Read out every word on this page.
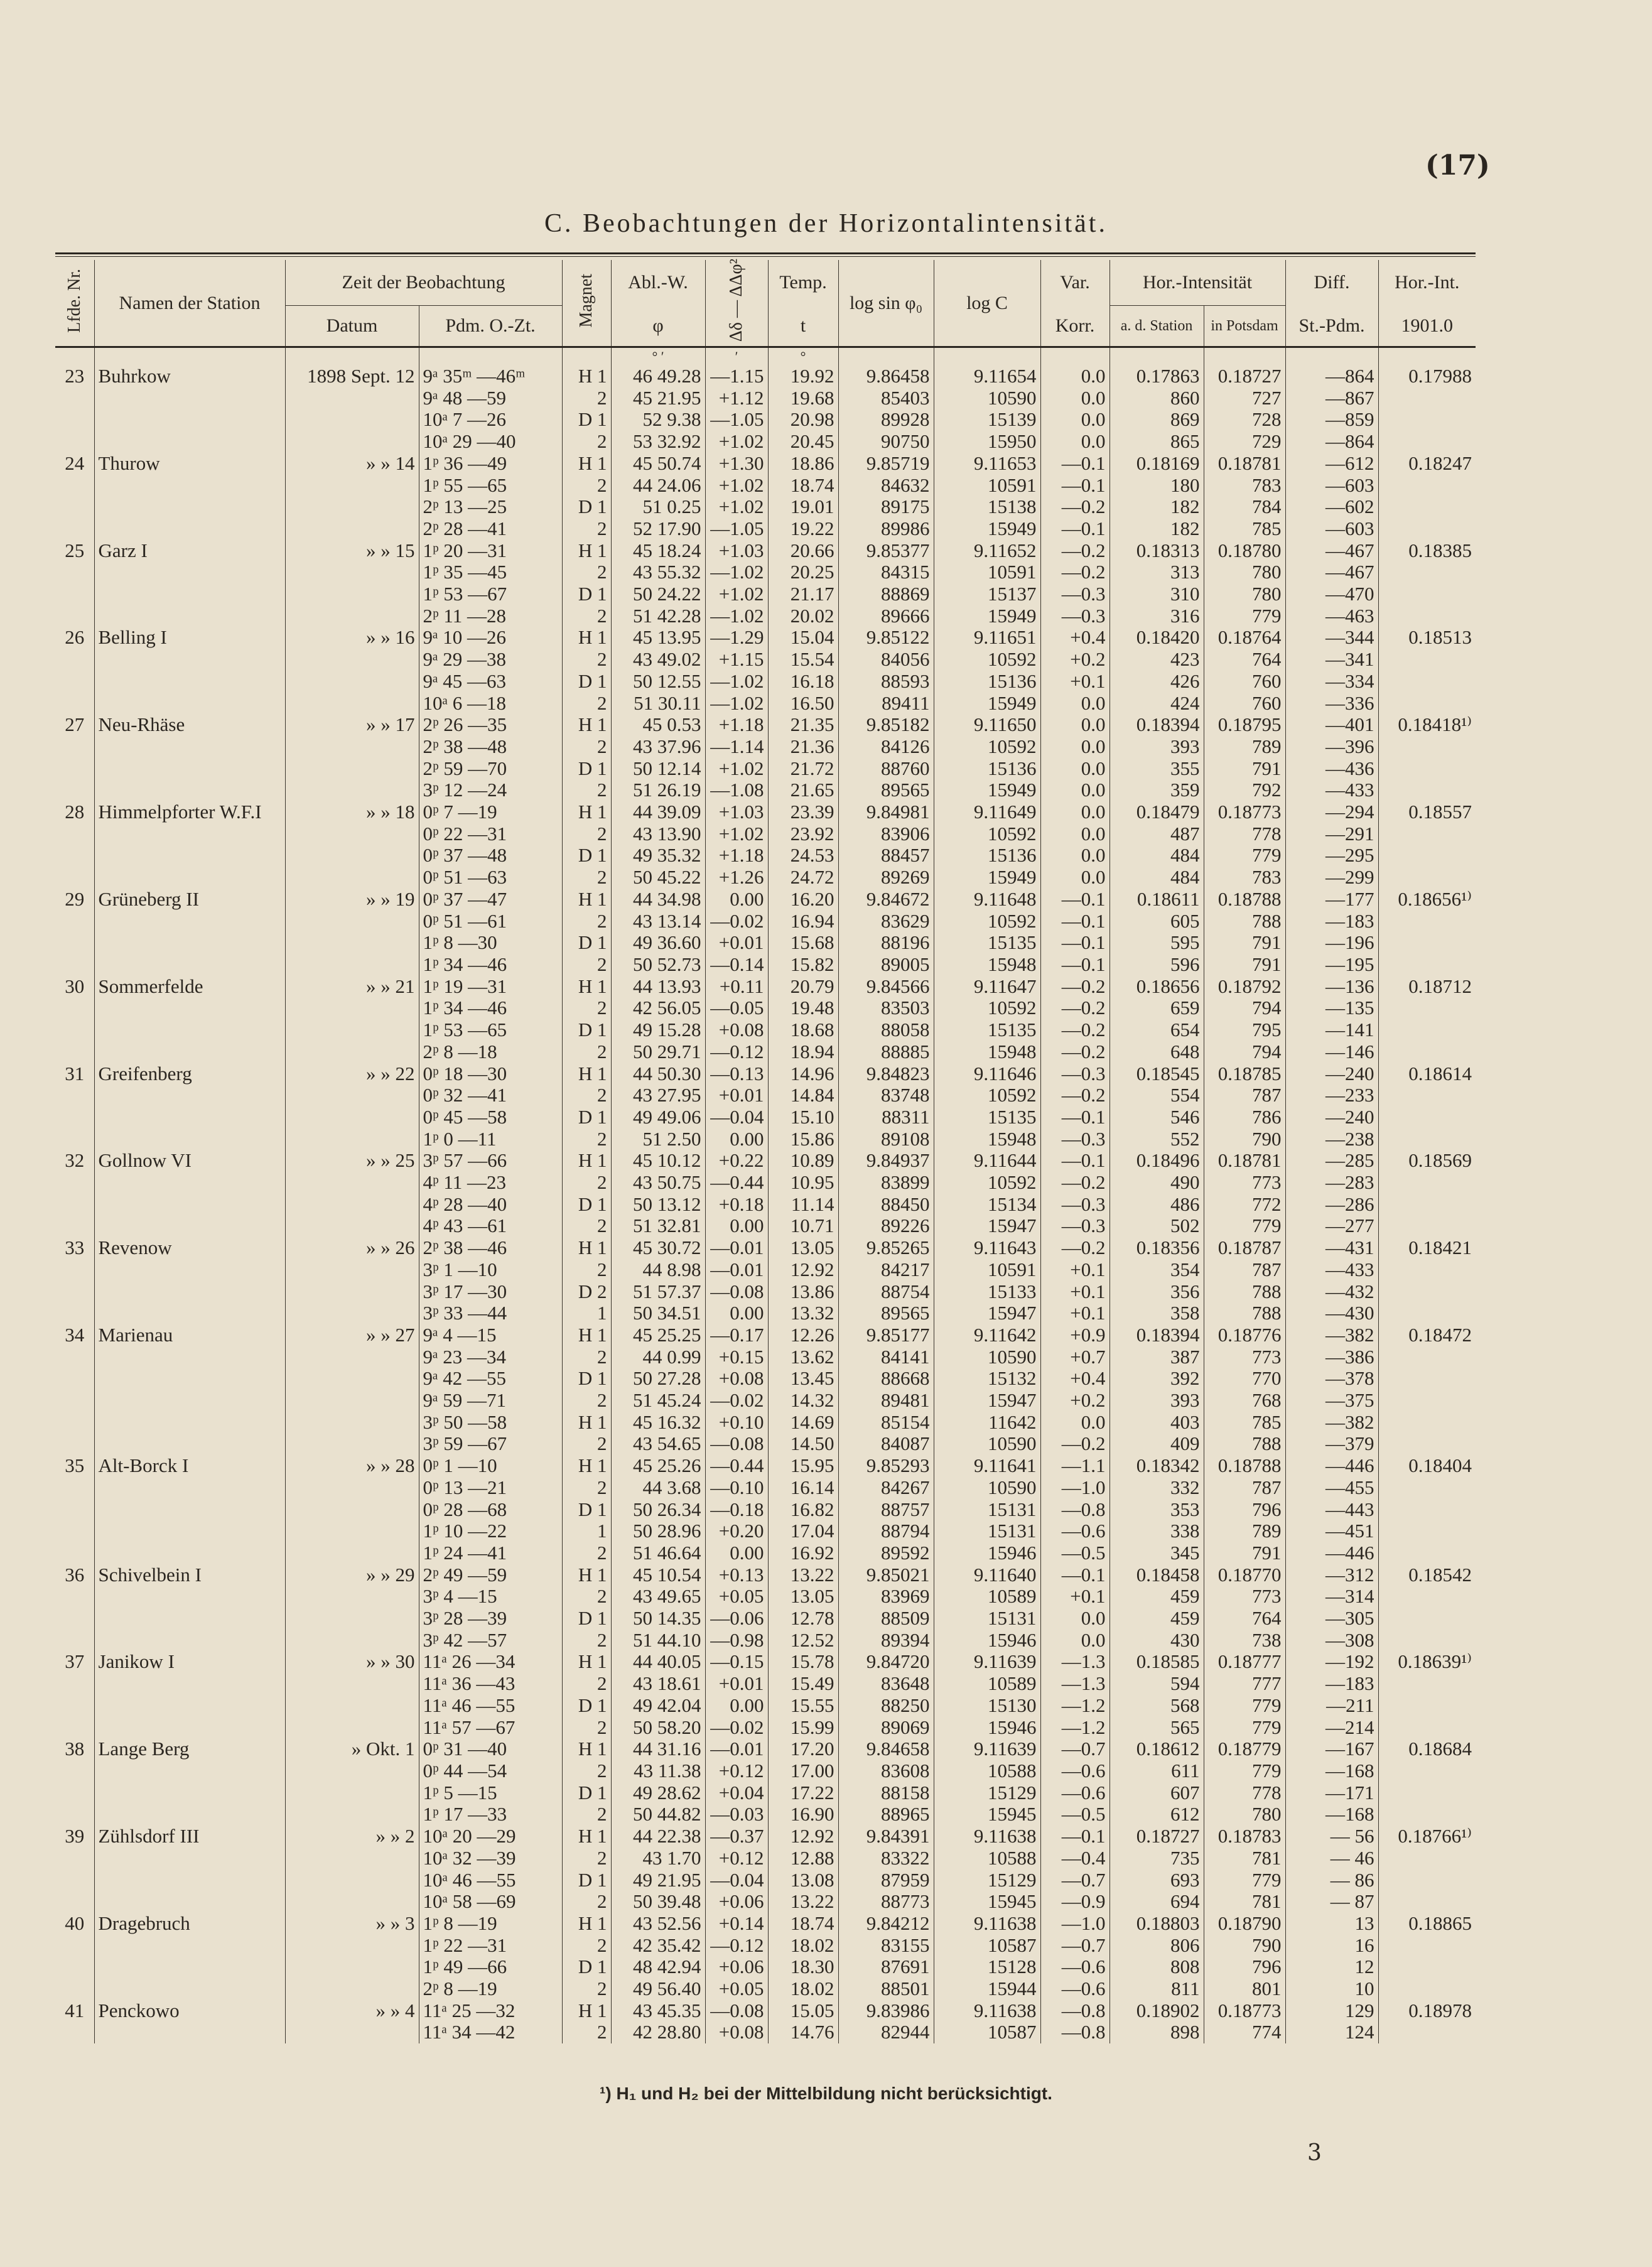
(17)
C. Beobachtungen der Horizontalintensität.
Lfde. Nr.	Namen der Station	Zeit der Beobachtung		Magnet	Abl.-W.	Δδ — ΔΔφ²	Temp.	log sin φ₀	log C	Var.	Hor.-Intensität		Diff.	Hor.-Int.
		Datum	Pdm. O.-Zt.		φ		t			Korr.	a. d. Station	in Potsdam	St.-Pdm.	1901.0
					° ′	′	°							
23	Buhrkow	1898 Sept. 12	9ᵃ 35ᵐ —46ᵐ	H 1	46 49.28	—1.15	19.92	9.86458	9.11654	0.0	0.17863	0.18727	—864	0.17988
			9ᵃ 48 —59	2	45 21.95	+1.12	19.68	85403	10590	0.0	860	727	—867	
			10ᵃ 7 —26	D 1	52 9.38	—1.05	20.98	89928	15139	0.0	869	728	—859	
			10ᵃ 29 —40	2	53 32.92	+1.02	20.45	90750	15950	0.0	865	729	—864	
24	Thurow	» » 14	1ᵖ 36 —49	H 1	45 50.74	+1.30	18.86	9.85719	9.11653	—0.1	0.18169	0.18781	—612	0.18247
			1ᵖ 55 —65	2	44 24.06	+1.02	18.74	84632	10591	—0.1	180	783	—603	
			2ᵖ 13 —25	D 1	51 0.25	+1.02	19.01	89175	15138	—0.2	182	784	—602	
			2ᵖ 28 —41	2	52 17.90	—1.05	19.22	89986	15949	—0.1	182	785	—603	
25	Garz I	» » 15	1ᵖ 20 —31	H 1	45 18.24	+1.03	20.66	9.85377	9.11652	—0.2	0.18313	0.18780	—467	0.18385
			1ᵖ 35 —45	2	43 55.32	—1.02	20.25	84315	10591	—0.2	313	780	—467	
			1ᵖ 53 —67	D 1	50 24.22	+1.02	21.17	88869	15137	—0.3	310	780	—470	
			2ᵖ 11 —28	2	51 42.28	—1.02	20.02	89666	15949	—0.3	316	779	—463	
26	Belling I	» » 16	9ᵃ 10 —26	H 1	45 13.95	—1.29	15.04	9.85122	9.11651	+0.4	0.18420	0.18764	—344	0.18513
			9ᵃ 29 —38	2	43 49.02	+1.15	15.54	84056	10592	+0.2	423	764	—341	
			9ᵃ 45 —63	D 1	50 12.55	—1.02	16.18	88593	15136	+0.1	426	760	—334	
			10ᵃ 6 —18	2	51 30.11	—1.02	16.50	89411	15949	0.0	424	760	—336	
27	Neu-Rhäse	» » 17	2ᵖ 26 —35	H 1	45 0.53	+1.18	21.35	9.85182	9.11650	0.0	0.18394	0.18795	—401	0.18418¹⁾
			2ᵖ 38 —48	2	43 37.96	—1.14	21.36	84126	10592	0.0	393	789	—396	
			2ᵖ 59 —70	D 1	50 12.14	+1.02	21.72	88760	15136	0.0	355	791	—436	
			3ᵖ 12 —24	2	51 26.19	—1.08	21.65	89565	15949	0.0	359	792	—433	
28	Himmelpforter W.F.I	» » 18	0ᵖ 7 —19	H 1	44 39.09	+1.03	23.39	9.84981	9.11649	0.0	0.18479	0.18773	—294	0.18557
			0ᵖ 22 —31	2	43 13.90	+1.02	23.92	83906	10592	0.0	487	778	—291	
			0ᵖ 37 —48	D 1	49 35.32	+1.18	24.53	88457	15136	0.0	484	779	—295	
			0ᵖ 51 —63	2	50 45.22	+1.26	24.72	89269	15949	0.0	484	783	—299	
29	Grüneberg II	» » 19	0ᵖ 37 —47	H 1	44 34.98	0.00	16.20	9.84672	9.11648	—0.1	0.18611	0.18788	—177	0.18656¹⁾
			0ᵖ 51 —61	2	43 13.14	—0.02	16.94	83629	10592	—0.1	605	788	—183	
			1ᵖ 8 —30	D 1	49 36.60	+0.01	15.68	88196	15135	—0.1	595	791	—196	
			1ᵖ 34 —46	2	50 52.73	—0.14	15.82	89005	15948	—0.1	596	791	—195	
30	Sommerfelde	» » 21	1ᵖ 19 —31	H 1	44 13.93	+0.11	20.79	9.84566	9.11647	—0.2	0.18656	0.18792	—136	0.18712
			1ᵖ 34 —46	2	42 56.05	—0.05	19.48	83503	10592	—0.2	659	794	—135	
			1ᵖ 53 —65	D 1	49 15.28	+0.08	18.68	88058	15135	—0.2	654	795	—141	
			2ᵖ 8 —18	2	50 29.71	—0.12	18.94	88885	15948	—0.2	648	794	—146	
31	Greifenberg	» » 22	0ᵖ 18 —30	H 1	44 50.30	—0.13	14.96	9.84823	9.11646	—0.3	0.18545	0.18785	—240	0.18614
			0ᵖ 32 —41	2	43 27.95	+0.01	14.84	83748	10592	—0.2	554	787	—233	
			0ᵖ 45 —58	D 1	49 49.06	—0.04	15.10	88311	15135	—0.1	546	786	—240	
			1ᵖ 0 —11	2	51 2.50	0.00	15.86	89108	15948	—0.3	552	790	—238	
32	Gollnow VI	» » 25	3ᵖ 57 —66	H 1	45 10.12	+0.22	10.89	9.84937	9.11644	—0.1	0.18496	0.18781	—285	0.18569
			4ᵖ 11 —23	2	43 50.75	—0.44	10.95	83899	10592	—0.2	490	773	—283	
			4ᵖ 28 —40	D 1	50 13.12	+0.18	11.14	88450	15134	—0.3	486	772	—286	
			4ᵖ 43 —61	2	51 32.81	0.00	10.71	89226	15947	—0.3	502	779	—277	
33	Revenow	» » 26	2ᵖ 38 —46	H 1	45 30.72	—0.01	13.05	9.85265	9.11643	—0.2	0.18356	0.18787	—431	0.18421
			3ᵖ 1 —10	2	44 8.98	—0.01	12.92	84217	10591	+0.1	354	787	—433	
			3ᵖ 17 —30	D 2	51 57.37	—0.08	13.86	88754	15133	+0.1	356	788	—432	
			3ᵖ 33 —44	1	50 34.51	0.00	13.32	89565	15947	+0.1	358	788	—430	
34	Marienau	» » 27	9ᵃ 4 —15	H 1	45 25.25	—0.17	12.26	9.85177	9.11642	+0.9	0.18394	0.18776	—382	0.18472
			9ᵃ 23 —34	2	44 0.99	+0.15	13.62	84141	10590	+0.7	387	773	—386	
			9ᵃ 42 —55	D 1	50 27.28	+0.08	13.45	88668	15132	+0.4	392	770	—378	
			9ᵃ 59 —71	2	51 45.24	—0.02	14.32	89481	15947	+0.2	393	768	—375	
			3ᵖ 50 —58	H 1	45 16.32	+0.10	14.69	85154	11642	0.0	403	785	—382	
			3ᵖ 59 —67	2	43 54.65	—0.08	14.50	84087	10590	—0.2	409	788	—379	
35	Alt-Borck I	» » 28	0ᵖ 1 —10	H 1	45 25.26	—0.44	15.95	9.85293	9.11641	—1.1	0.18342	0.18788	—446	0.18404
			0ᵖ 13 —21	2	44 3.68	—0.10	16.14	84267	10590	—1.0	332	787	—455	
			0ᵖ 28 —68	D 1	50 26.34	—0.18	16.82	88757	15131	—0.8	353	796	—443	
			1ᵖ 10 —22	1	50 28.96	+0.20	17.04	88794	15131	—0.6	338	789	—451	
			1ᵖ 24 —41	2	51 46.64	0.00	16.92	89592	15946	—0.5	345	791	—446	
36	Schivelbein I	» » 29	2ᵖ 49 —59	H 1	45 10.54	+0.13	13.22	9.85021	9.11640	—0.1	0.18458	0.18770	—312	0.18542
			3ᵖ 4 —15	2	43 49.65	+0.05	13.05	83969	10589	+0.1	459	773	—314	
			3ᵖ 28 —39	D 1	50 14.35	—0.06	12.78	88509	15131	0.0	459	764	—305	
			3ᵖ 42 —57	2	51 44.10	—0.98	12.52	89394	15946	0.0	430	738	—308	
37	Janikow I	» » 30	11ᵃ 26 —34	H 1	44 40.05	—0.15	15.78	9.84720	9.11639	—1.3	0.18585	0.18777	—192	0.18639¹⁾
			11ᵃ 36 —43	2	43 18.61	+0.01	15.49	83648	10589	—1.3	594	777	—183	
			11ᵃ 46 —55	D 1	49 42.04	0.00	15.55	88250	15130	—1.2	568	779	—211	
			11ᵃ 57 —67	2	50 58.20	—0.02	15.99	89069	15946	—1.2	565	779	—214	
38	Lange Berg	» Okt. 1	0ᵖ 31 —40	H 1	44 31.16	—0.01	17.20	9.84658	9.11639	—0.7	0.18612	0.18779	—167	0.18684
			0ᵖ 44 —54	2	43 11.38	+0.12	17.00	83608	10588	—0.6	611	779	—168	
			1ᵖ 5 —15	D 1	49 28.62	+0.04	17.22	88158	15129	—0.6	607	778	—171	
			1ᵖ 17 —33	2	50 44.82	—0.03	16.90	88965	15945	—0.5	612	780	—168	
39	Zühlsdorf III	» » 2	10ᵃ 20 —29	H 1	44 22.38	—0.37	12.92	9.84391	9.11638	—0.1	0.18727	0.18783	— 56	0.18766¹⁾
			10ᵃ 32 —39	2	43 1.70	+0.12	12.88	83322	10588	—0.4	735	781	— 46	
			10ᵃ 46 —55	D 1	49 21.95	—0.04	13.08	87959	15129	—0.7	693	779	— 86	
			10ᵃ 58 —69	2	50 39.48	+0.06	13.22	88773	15945	—0.9	694	781	— 87	
40	Dragebruch	» » 3	1ᵖ 8 —19	H 1	43 52.56	+0.14	18.74	9.84212	9.11638	—1.0	0.18803	0.18790	13	0.18865
			1ᵖ 22 —31	2	42 35.42	—0.12	18.02	83155	10587	—0.7	806	790	16	
			1ᵖ 49 —66	D 1	48 42.94	+0.06	18.30	87691	15128	—0.6	808	796	12	
			2ᵖ 8 —19	2	49 56.40	+0.05	18.02	88501	15944	—0.6	811	801	10	
41	Penckowo	» » 4	11ᵃ 25 —32	H 1	43 45.35	—0.08	15.05	9.83986	9.11638	—0.8	0.18902	0.18773	129	0.18978
			11ᵃ 34 —42	2	42 28.80	+0.08	14.76	82944	10587	—0.8	898	774	124	
¹) H₁ und H₂ bei der Mittelbildung nicht berücksichtigt.
3
